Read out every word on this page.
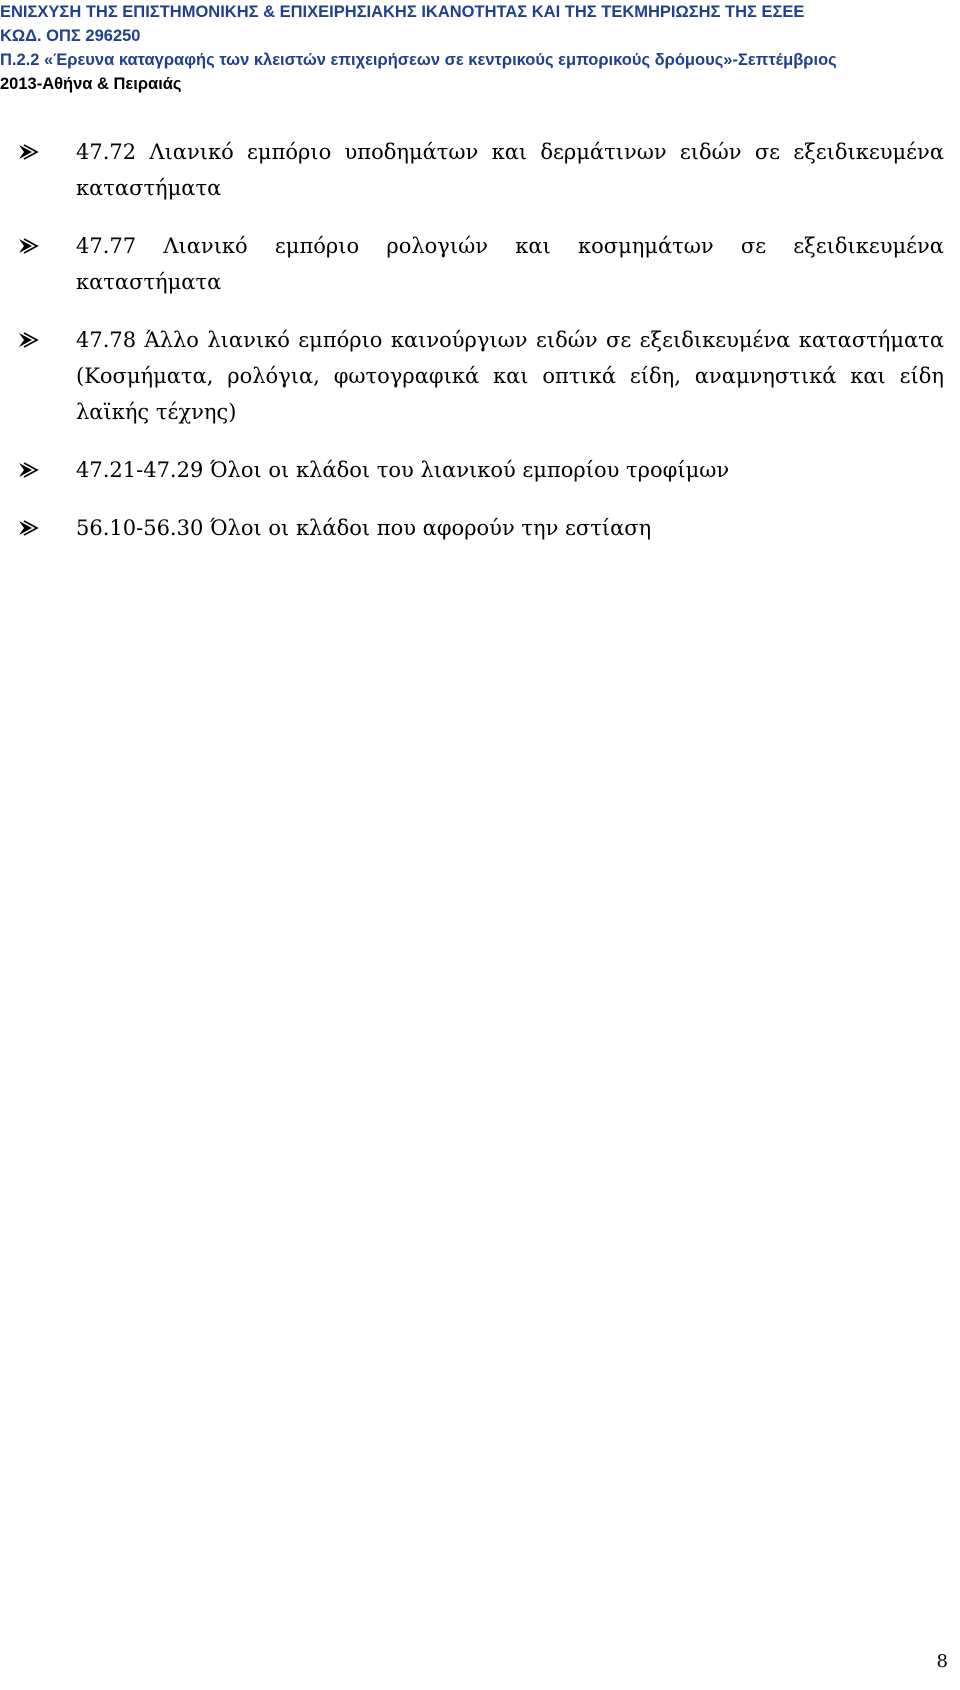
ΕΝΙΣΧΥΣΗ ΤΗΣ ΕΠΙΣΤΗΜΟΝΙΚΗΣ & ΕΠΙΧΕΙΡΗΣΙΑΚΗΣ ΙΚΑΝΟΤΗΤΑΣ ΚΑΙ ΤΗΣ ΤΕΚΜΗΡΙΩΣΗΣ ΤΗΣ ΕΣΕΕ

ΚΩΔ. ΟΠΣ 296250

Π.2.2 «Έρευνα καταγραφής των κλειστών επιχειρήσεων σε κεντρικούς εμπορικούς δρόμους»-Σεπτέμβριος

2013-Αθήνα & Πειραιάς

47.72 Λιανικό εμπόριο υποδημάτων και δερμάτινων ειδών σε εξειδικευμένα καταστήματα
47.77 Λιανικό εμπόριο ρολογιών και κοσμημάτων σε εξειδικευμένα καταστήματα
47.78 Άλλο λιανικό εμπόριο καινούργιων ειδών σε εξειδικευμένα καταστήματα (Κοσμήματα, ρολόγια, φωτογραφικά και οπτικά είδη, αναμνηστικά και είδη λαϊκής τέχνης)
47.21-47.29 Όλοι οι κλάδοι του λιανικού εμπορίου τροφίμων
56.10-56.30 Όλοι οι κλάδοι που αφορούν την εστίαση
8
